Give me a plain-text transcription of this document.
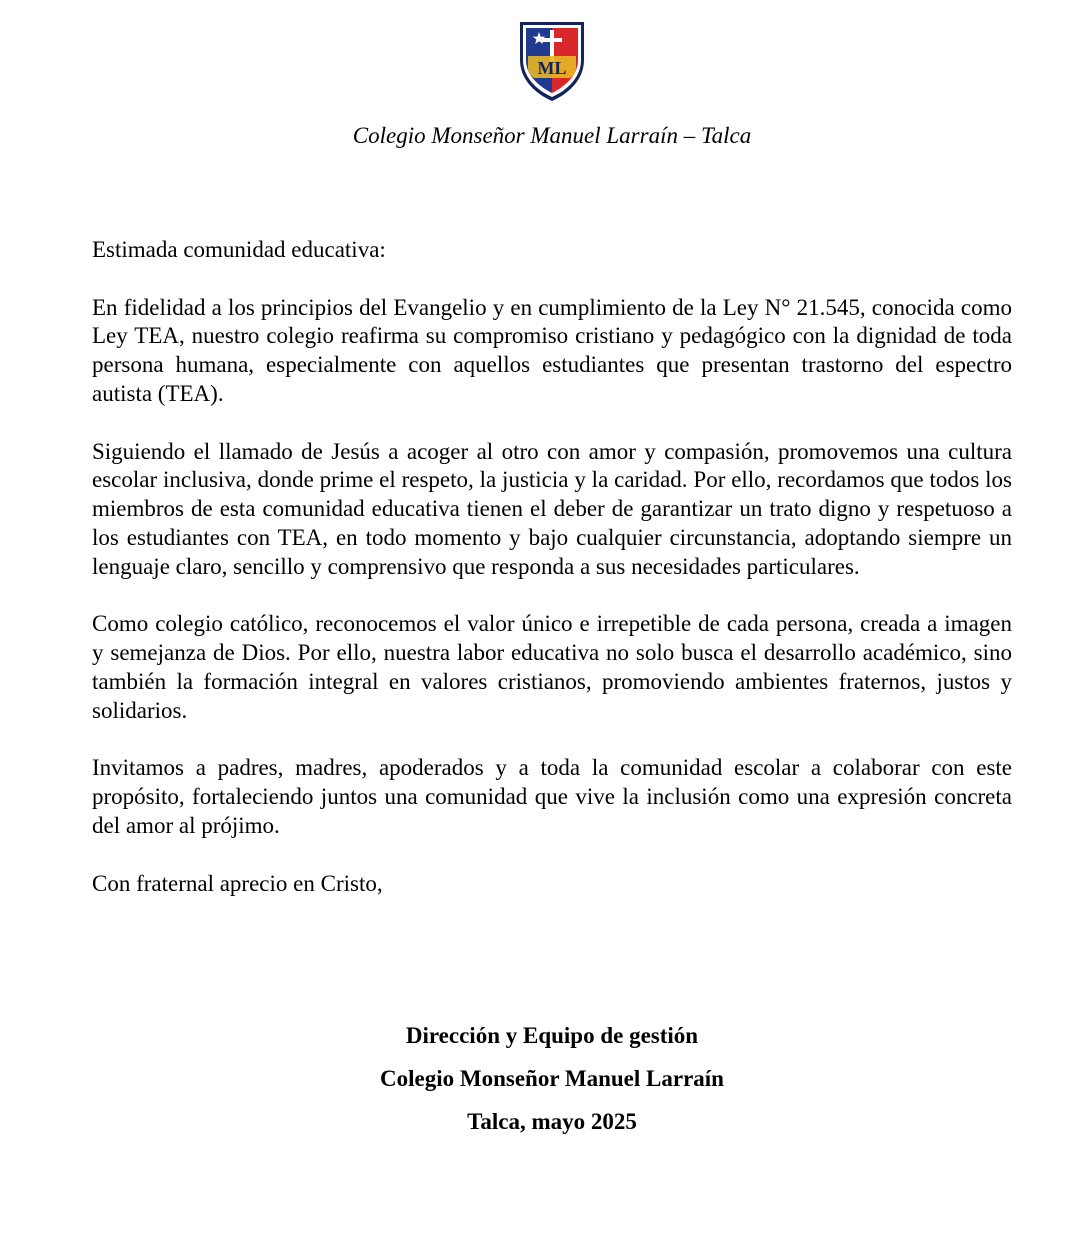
ML
Colegio Monseñor Manuel Larraín – Talca

Estimada comunidad educativa:

En fidelidad a los principios del Evangelio y en cumplimiento de la Ley N° 21.545, conocida como Ley TEA, nuestro colegio reafirma su compromiso cristiano y pedagógico con la dignidad de toda persona humana, especialmente con aquellos estudiantes que presentan trastorno del espectro autista (TEA).

Siguiendo el llamado de Jesús a acoger al otro con amor y compasión, promovemos una cultura escolar inclusiva, donde prime el respeto, la justicia y la caridad. Por ello, recordamos que todos los miembros de esta comunidad educativa tienen el deber de garantizar un trato digno y respetuoso a los estudiantes con TEA, en todo momento y bajo cualquier circunstancia, adoptando siempre un lenguaje claro, sencillo y comprensivo que responda a sus necesidades particulares.

Como colegio católico, reconocemos el valor único e irrepetible de cada persona, creada a imagen y semejanza de Dios. Por ello, nuestra labor educativa no solo busca el desarrollo académico, sino también la formación integral en valores cristianos, promoviendo ambientes fraternos, justos y solidarios.

Invitamos a padres, madres, apoderados y a toda la comunidad escolar a colaborar con este propósito, fortaleciendo juntos una comunidad que vive la inclusión como una expresión concreta del amor al prójimo.

Con fraternal aprecio en Cristo,

Dirección y Equipo de gestión
Colegio Monseñor Manuel Larraín
Talca, mayo 2025
